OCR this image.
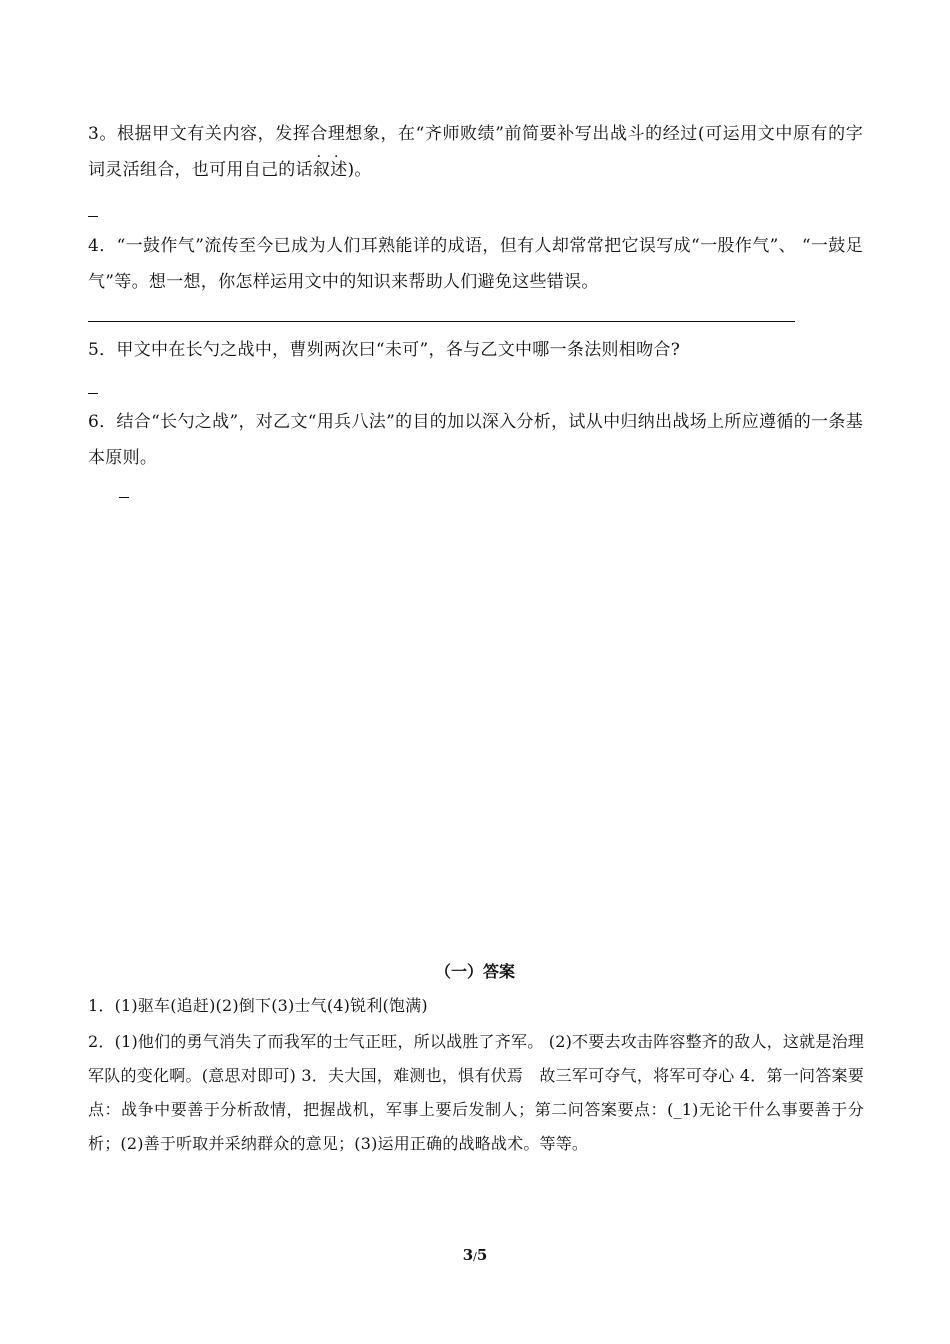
3。根据甲文有关内容，发挥合理想象，在“齐师败绩”前简要补写出战斗的经过(可运用文中原有的字词灵活组合，也可用自己的话叙述)。

4．“一鼓作气”流传至今已成为人们耳熟能详的成语，但有人却常常把它误写成“一股作气”、 “一鼓足气”等。想一想，你怎样运用文中的知识来帮助人们避免这些错误。

5．甲文中在长勺之战中，曹刿两次曰“未可”，各与乙文中哪一条法则相吻合?

6．结合“长勺之战”，对乙文“用兵八法”的目的加以深入分析，试从中归纳出战场上所应遵循的一条基本原则。

（一）答案

1．(1)驱车(追赶)(2)倒下(3)士气(4)锐利(饱满)

2．(1)他们的勇气消失了而我军的士气正旺，所以战胜了齐军。 (2)不要去攻击阵容整齐的敌人，这就是治理军队的变化啊。(意思对即可) 3．夫大国，难测也，惧有伏焉　故三军可夺气，将军可夺心 4．第一问答案要点：战争中要善于分析敌情，把握战机，军事上要后发制人；第二问答案要点：(_1)无论干什么事要善于分析；(2)善于听取并采纳群众的意见；(3)运用正确的战略战术。等等。

3/5
